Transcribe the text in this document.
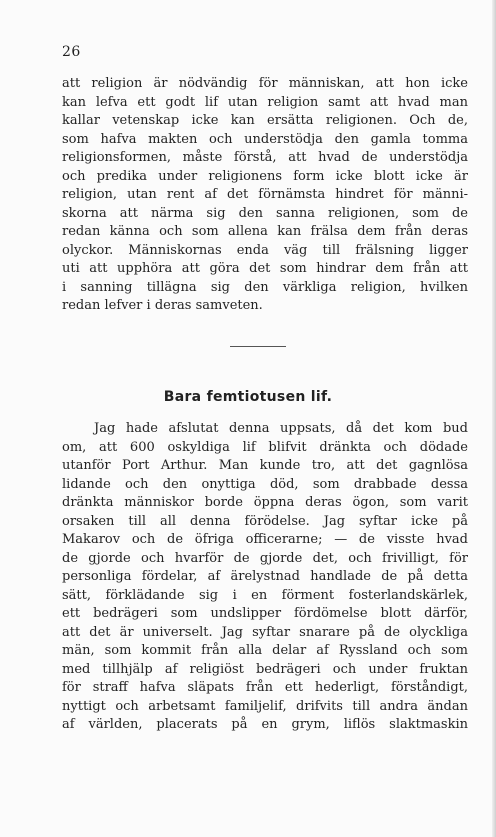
26
att religion är nödvändig för människan, att hon icke
kan lefva ett godt lif utan religion samt att hvad man
kallar vetenskap icke kan ersätta religionen. Och de,
som hafva makten och understödja den gamla tomma
religionsformen, måste förstå, att hvad de understödja
och predika under religionens form icke blott icke är
religion, utan rent af det förnämsta hindret för männi-
skorna att närma sig den sanna religionen, som de
redan känna och som allena kan frälsa dem från deras
olyckor. Människornas enda väg till frälsning ligger
uti att upphöra att göra det som hindrar dem från att
i sanning tillägna sig den värkliga religion, hvilken
redan lefver i deras samveten.
Bara femtiotusen lif.
Jag hade afslutat denna uppsats, då det kom bud
om, att 600 oskyldiga lif blifvit dränkta och dödade
utanför Port Arthur. Man kunde tro, att det gagnlösa
lidande och den onyttiga död, som drabbade dessa
dränkta människor borde öppna deras ögon, som varit
orsaken till all denna förödelse. Jag syftar icke på
Makarov och de öfriga officerarne; — de visste hvad
de gjorde och hvarför de gjorde det, och frivilligt, för
personliga fördelar, af ärelystnad handlade de på detta
sätt, förklädande sig i en förment fosterlandskärlek,
ett bedrägeri som undslipper fördömelse blott därför,
att det är universelt. Jag syftar snarare på de olyckliga
män, som kommit från alla delar af Ryssland och som
med tillhjälp af religiöst bedrägeri och under fruktan
för straff hafva släpats från ett hederligt, förståndigt,
nyttigt och arbetsamt familjelif, drifvits till andra ändan
af världen, placerats på en grym, liflös slaktmaskin
